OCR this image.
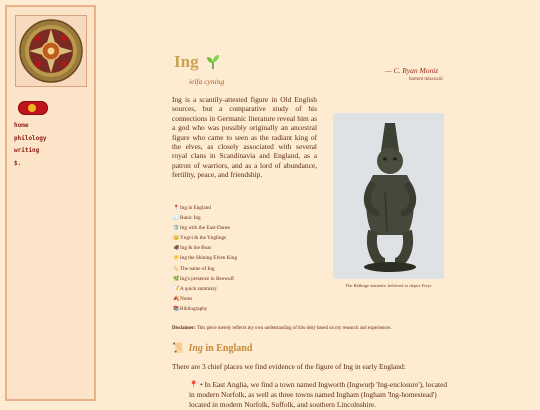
home
philology
writing
$.
Ing
ielfa cyning
— C. Ryan Moniz
barrent missxxiii

Ing is a scantily-attested figure in Old English sources, but a comparative study of his connections in Germanic literature reveal him as a god who was possibly originally an ancestral figure who came to seen as the radiant king of the elves, as closely associated with several royal clans in Scandinavia and England, as a patron of warriors, and as a lord of abundance, fertility, peace, and friendship.

The Rällinge statuette, believed to depict Freyr
📍Ing in England
🧾Runic Ing
🛡️Ing with the East-Danes
👑Yngvi & the Ynglings
🐗Ing & the Boar
☀️Ing the Shining Elven King
🏷️The name of Ing
🌿Ing's presence in Beowulf
📝A quick summary
🍂Notes
📚Bibliography
Disclaimer: This piece merely reflects my own understanding of this deity based on my research and experiences.
📜 Ing in England
There are 3 chief places we find evidence of the figure of Ing in early England:
📍 • In East Anglia, we find a town named Ingworth (Ingwurþ 'Ing-enclosure'), located in modern Norfolk, as well as three towns named Ingham (Ingham 'Ing-homestead') located in modern Norfolk, Suffolk, and southern Lincolnshire.
